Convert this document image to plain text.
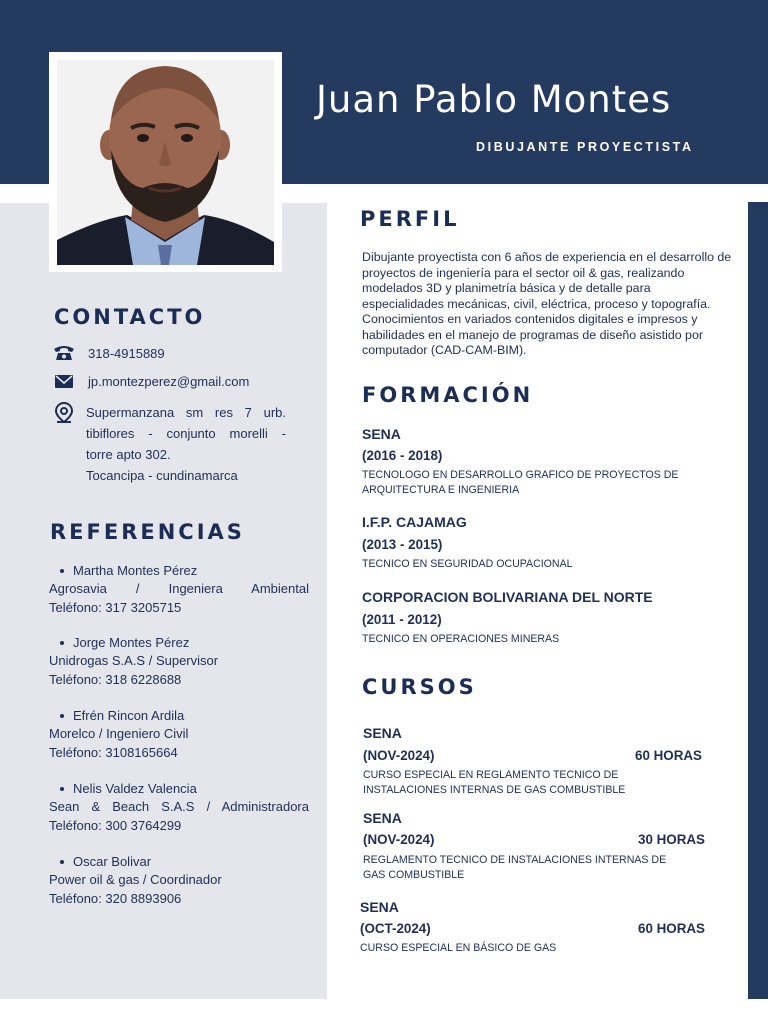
Juan Pablo Montes
DIBUJANTE PROYECTISTA
CONTACTO
318-4915889
jp.montezperez@gmail.com
Supermanzana sm res 7 urb.
tibiflores - conjunto morelli -
torre apto 302.
Tocancipa - cundinamarca
REFERENCIAS
Martha Montes Pérez
Agrosavia / Ingeniera Ambiental
Teléfono: 317 3205715
Jorge Montes Pérez
Unidrogas S.A.S / Supervisor
Teléfono: 318 6228688
Efrén Rincon Ardila
Morelco / Ingeniero Civil
Teléfono: 3108165664
Nelis Valdez Valencia
Sean & Beach S.A.S / Administradora
Teléfono: 300 3764299
Oscar Bolivar
Power oil & gas / Coordinador
Teléfono: 320 8893906
PERFIL
Dibujante proyectista con 6 años de experiencia en el desarrollo de proyectos de ingeniería para el sector oil & gas, realizando modelados 3D y planimetría básica y de detalle para especialidades mecánicas, civil, eléctrica, proceso y topografía. Conocimientos en variados contenidos digitales e impresos y habilidades en el manejo de programas de diseño asistido por computador (CAD-CAM-BIM).
FORMACIÓN
SENA
(2016 - 2018)
TECNOLOGO EN DESARROLLO GRAFICO DE PROYECTOS DE ARQUITECTURA E INGENIERIA
I.F.P. CAJAMAG
(2013 - 2015)
TECNICO EN SEGURIDAD OCUPACIONAL
CORPORACION BOLIVARIANA DEL NORTE
(2011 - 2012)
TECNICO EN OPERACIONES MINERAS
CURSOS
SENA
(NOV-2024)	60 HORAS
CURSO ESPECIAL EN REGLAMENTO TECNICO DE INSTALACIONES INTERNAS DE GAS COMBUSTIBLE
SENA
(NOV-2024)	30 HORAS
REGLAMENTO TECNICO DE INSTALACIONES INTERNAS DE GAS COMBUSTIBLE
SENA
(OCT-2024)	60 HORAS
CURSO ESPECIAL EN BÁSICO DE GAS
